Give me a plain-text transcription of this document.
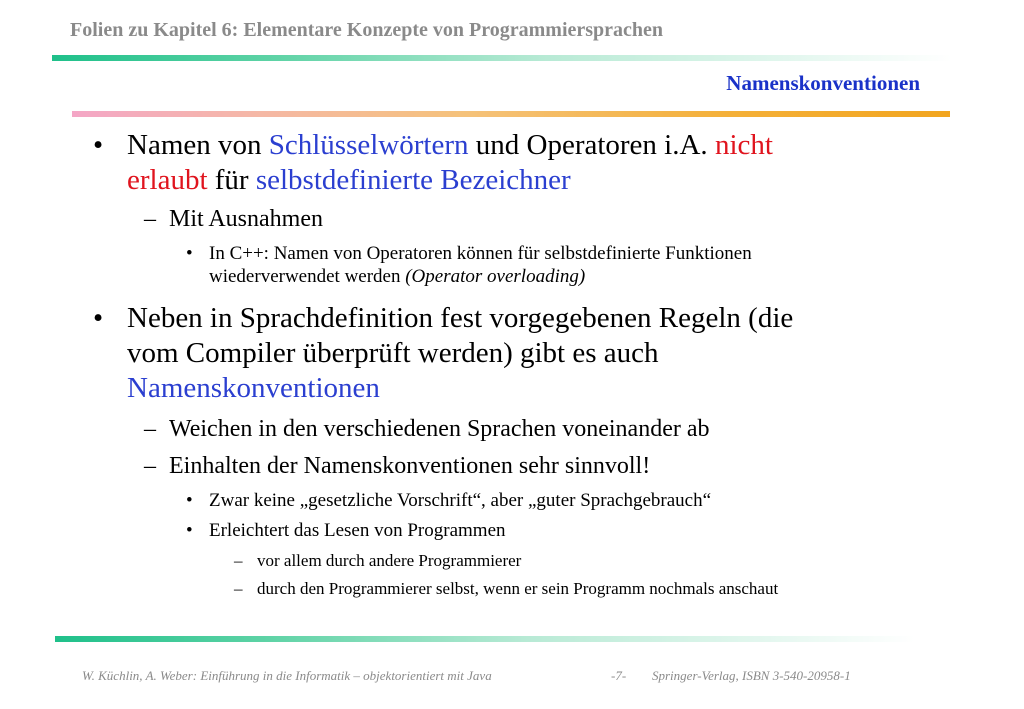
Folien zu Kapitel 6: Elementare Konzepte von Programmiersprachen
Namenskonventionen
• Namen von Schlüsselwörtern und Operatoren i.A. nicht
erlaubt für selbstdefinierte Bezeichner
– Mit Ausnahmen
• In C++: Namen von Operatoren können für selbstdefinierte Funktionen
wiederverwendet werden (Operator overloading)
• Neben in Sprachdefinition fest vorgegebenen Regeln (die
vom Compiler überprüft werden) gibt es auch
Namenskonventionen
– Weichen in den verschiedenen Sprachen voneinander ab
– Einhalten der Namenskonventionen sehr sinnvoll!
• Zwar keine „gesetzliche Vorschrift“, aber „guter Sprachgebrauch“
• Erleichtert das Lesen von Programmen
– vor allem durch andere Programmierer
– durch den Programmierer selbst, wenn er sein Programm nochmals anschaut
W. Küchlin, A. Weber: Einführung in die Informatik – objektorientiert mit Java	-7- Springer-Verlag, ISBN 3-540-20958-1
